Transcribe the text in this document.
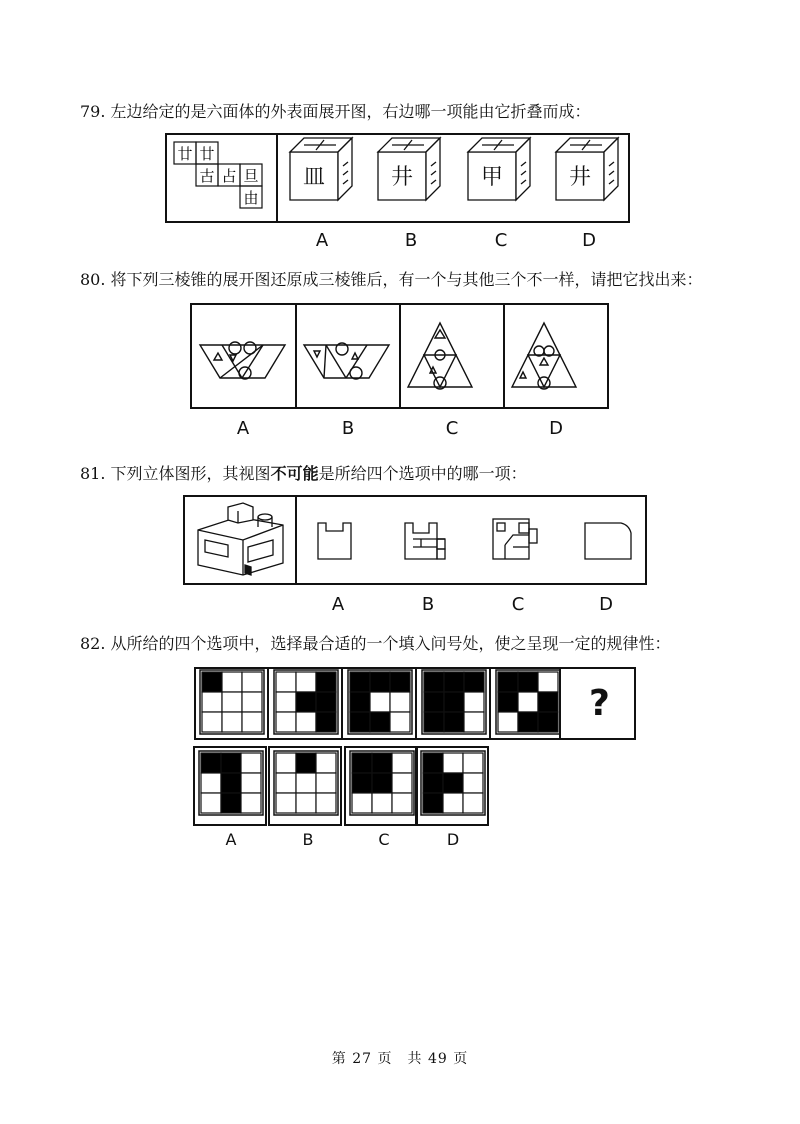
79. 左边给定的是六面体的外表面展开图，右边哪一项能由它折叠而成：
廿 廿
古 占 旦
由
皿	井	甲	井
A	B	C	D
80. 将下列三棱锥的展开图还原成三棱锥后，有一个与其他三个不一样，请把它找出来：
A	B	C	D
81. 下列立体图形，其视图不可能是所给四个选项中的哪一项：
A	B	C	D
82. 从所给的四个选项中，选择最合适的一个填入问号处，使之呈现一定的规律性：
?
A	B	C	D
第 27 页　共 49 页
